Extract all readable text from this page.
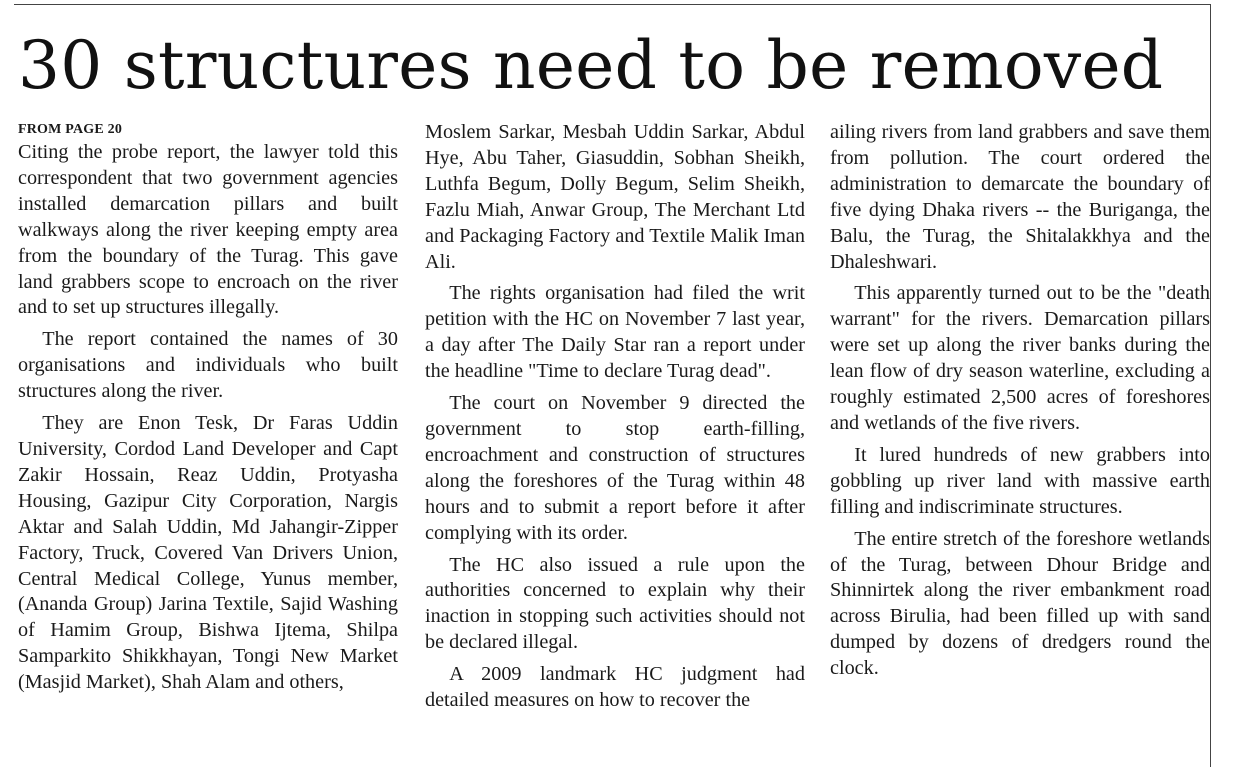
30 structures need to be removed
FROM PAGE 20

Citing the probe report, the lawyer told this correspondent that two government agencies installed demarcation pillars and built walkways along the river keeping empty area from the boundary of the Turag. This gave land grabbers scope to encroach on the river and to set up structures illegally.

The report contained the names of 30 organisations and individuals who built structures along the river.

They are Enon Tesk, Dr Faras Uddin University, Cordod Land Developer and Capt Zakir Hossain, Reaz Uddin, Protyasha Housing, Gazipur City Corporation, Nargis Aktar and Salah Uddin, Md Jahangir-Zipper Factory, Truck, Covered Van Drivers Union, Central Medical College, Yunus member, (Ananda Group) Jarina Textile, Sajid Washing of Hamim Group, Bishwa Ijtema, Shilpa Samparkito Shikkhayan, Tongi New Market (Masjid Market), Shah Alam and others,

Moslem Sarkar, Mesbah Uddin Sarkar, Abdul Hye, Abu Taher, Giasuddin, Sobhan Sheikh, Luthfa Begum, Dolly Begum, Selim Sheikh, Fazlu Miah, Anwar Group, The Merchant Ltd and Packaging Factory and Textile Malik Iman Ali.

The rights organisation had filed the writ petition with the HC on November 7 last year, a day after The Daily Star ran a report under the headline "Time to declare Turag dead".

The court on November 9 directed the government to stop earth-filling, encroachment and construction of structures along the foreshores of the Turag within 48 hours and to submit a report before it after complying with its order.

The HC also issued a rule upon the authorities concerned to explain why their inaction in stopping such activities should not be declared illegal.

A 2009 landmark HC judgment had detailed measures on how to recover the

ailing rivers from land grabbers and save them from pollution. The court ordered the administration to demarcate the boundary of five dying Dhaka rivers -- the Buriganga, the Balu, the Turag, the Shitalakkhya and the Dhaleshwari.

This apparently turned out to be the "death warrant" for the rivers. Demarcation pillars were set up along the river banks during the lean flow of dry season waterline, excluding a roughly estimated 2,500 acres of foreshores and wetlands of the five rivers.

It lured hundreds of new grabbers into gobbling up river land with massive earth filling and indiscriminate structures.

The entire stretch of the foreshore wetlands of the Turag, between Dhour Bridge and Shinnirtek along the river embankment road across Birulia, had been filled up with sand dumped by dozens of dredgers round the clock.
